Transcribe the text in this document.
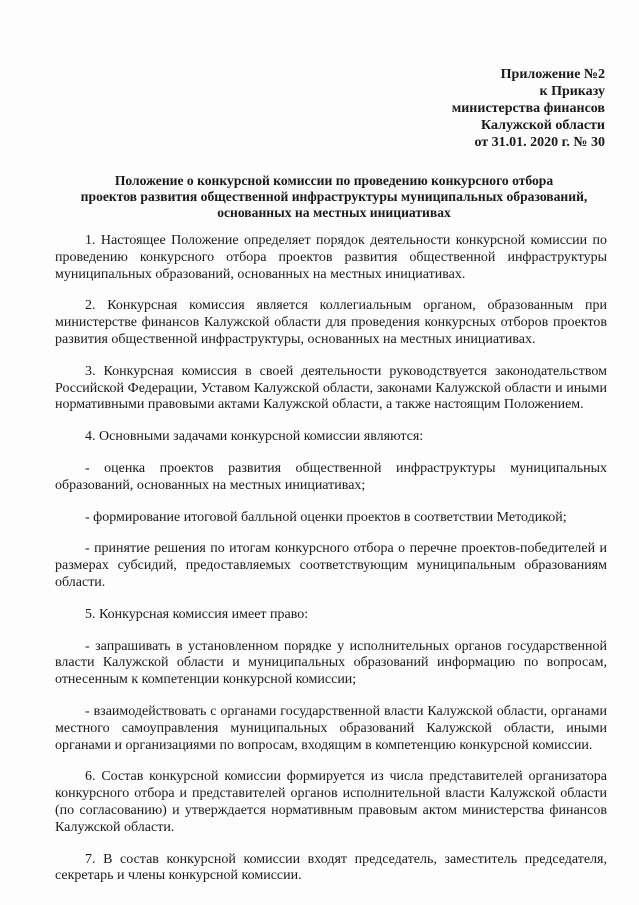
Приложение №2
к Приказу
министерства финансов
Калужской области
от 31.01. 2020 г. № 30
Положение о конкурсной комиссии по проведению конкурсного отбора
проектов развития общественной инфраструктуры муниципальных образований,
основанных на местных инициативах

1. Настоящее Положение определяет порядок деятельности конкурсной комиссии по проведению конкурсного отбора проектов развития общественной инфраструктуры муниципальных образований, основанных на местных инициативах.

2. Конкурсная комиссия является коллегиальным органом, образованным при министерстве финансов Калужской области для проведения конкурсных отборов проектов развития общественной инфраструктуры, основанных на местных инициативах.

3. Конкурсная комиссия в своей деятельности руководствуется законодательством Российской Федерации, Уставом Калужской области, законами Калужской области и иными нормативными правовыми актами Калужской области, а также настоящим Положением.

4. Основными задачами конкурсной комиссии являются:

- оценка проектов развития общественной инфраструктуры муниципальных образований, основанных на местных инициативах;

- формирование итоговой балльной оценки проектов в соответствии Методикой;

- принятие решения по итогам конкурсного отбора о перечне проектов-победителей и размерах субсидий, предоставляемых соответствующим муниципальным образованиям области.

5. Конкурсная комиссия имеет право:

- запрашивать в установленном порядке у исполнительных органов государственной власти Калужской области и муниципальных образований информацию по вопросам, отнесенным к компетенции конкурсной комиссии;

- взаимодействовать с органами государственной власти Калужской области, органами местного самоуправления муниципальных образований Калужской области, иными органами и организациями по вопросам, входящим в компетенцию конкурсной комиссии.

6. Состав конкурсной комиссии формируется из числа представителей организатора конкурсного отбора и представителей органов исполнительной власти Калужской области (по согласованию) и утверждается нормативным правовым актом министерства финансов Калужской области.

7. В состав конкурсной комиссии входят председатель, заместитель председателя, секретарь и члены конкурсной комиссии.
